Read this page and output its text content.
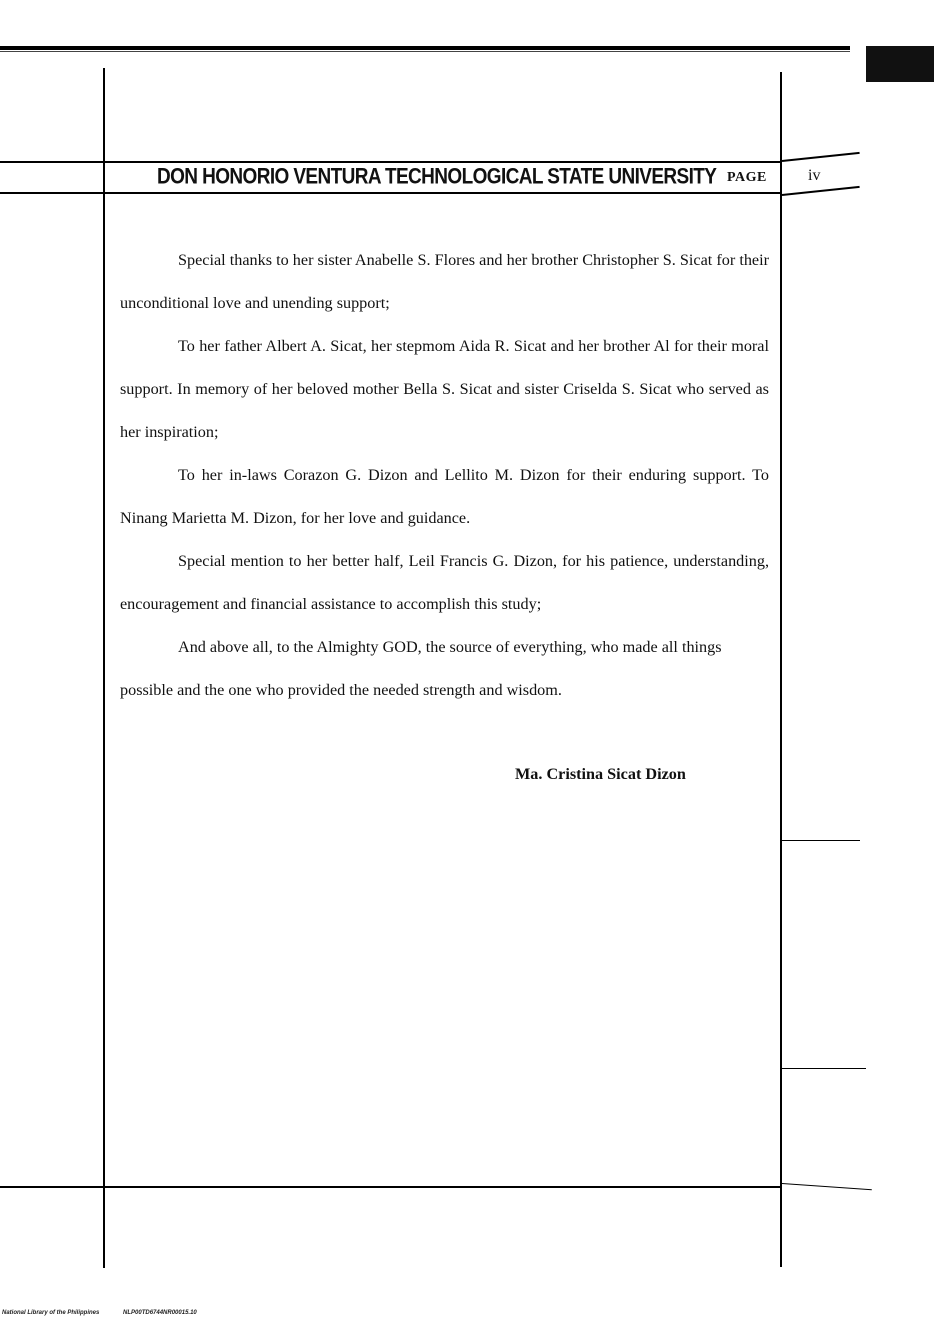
DON HONORIO VENTURA TECHNOLOGICAL STATE UNIVERSITY PAGE	iv

Special thanks to her sister Anabelle S. Flores and her brother Christopher S. Sicat for their unconditional love and unending support;

To her father Albert A. Sicat, her stepmom Aida R. Sicat and her brother Al for their moral support. In memory of her beloved mother Bella S. Sicat and sister Criselda S. Sicat who served as her inspiration;

To her in-laws Corazon G. Dizon and Lellito M. Dizon for their enduring support. To Ninang Marietta M. Dizon, for her love and guidance.

Special mention to her better half, Leil Francis G. Dizon, for his patience, understanding, encouragement and financial assistance to accomplish this study;

And above all, to the Almighty GOD, the source of everything, who made all things possible and the one who provided the needed strength and wisdom.

Ma. Cristina Sicat Dizon
National Library of the Philippines	NLP00TD6744NR00015.10
